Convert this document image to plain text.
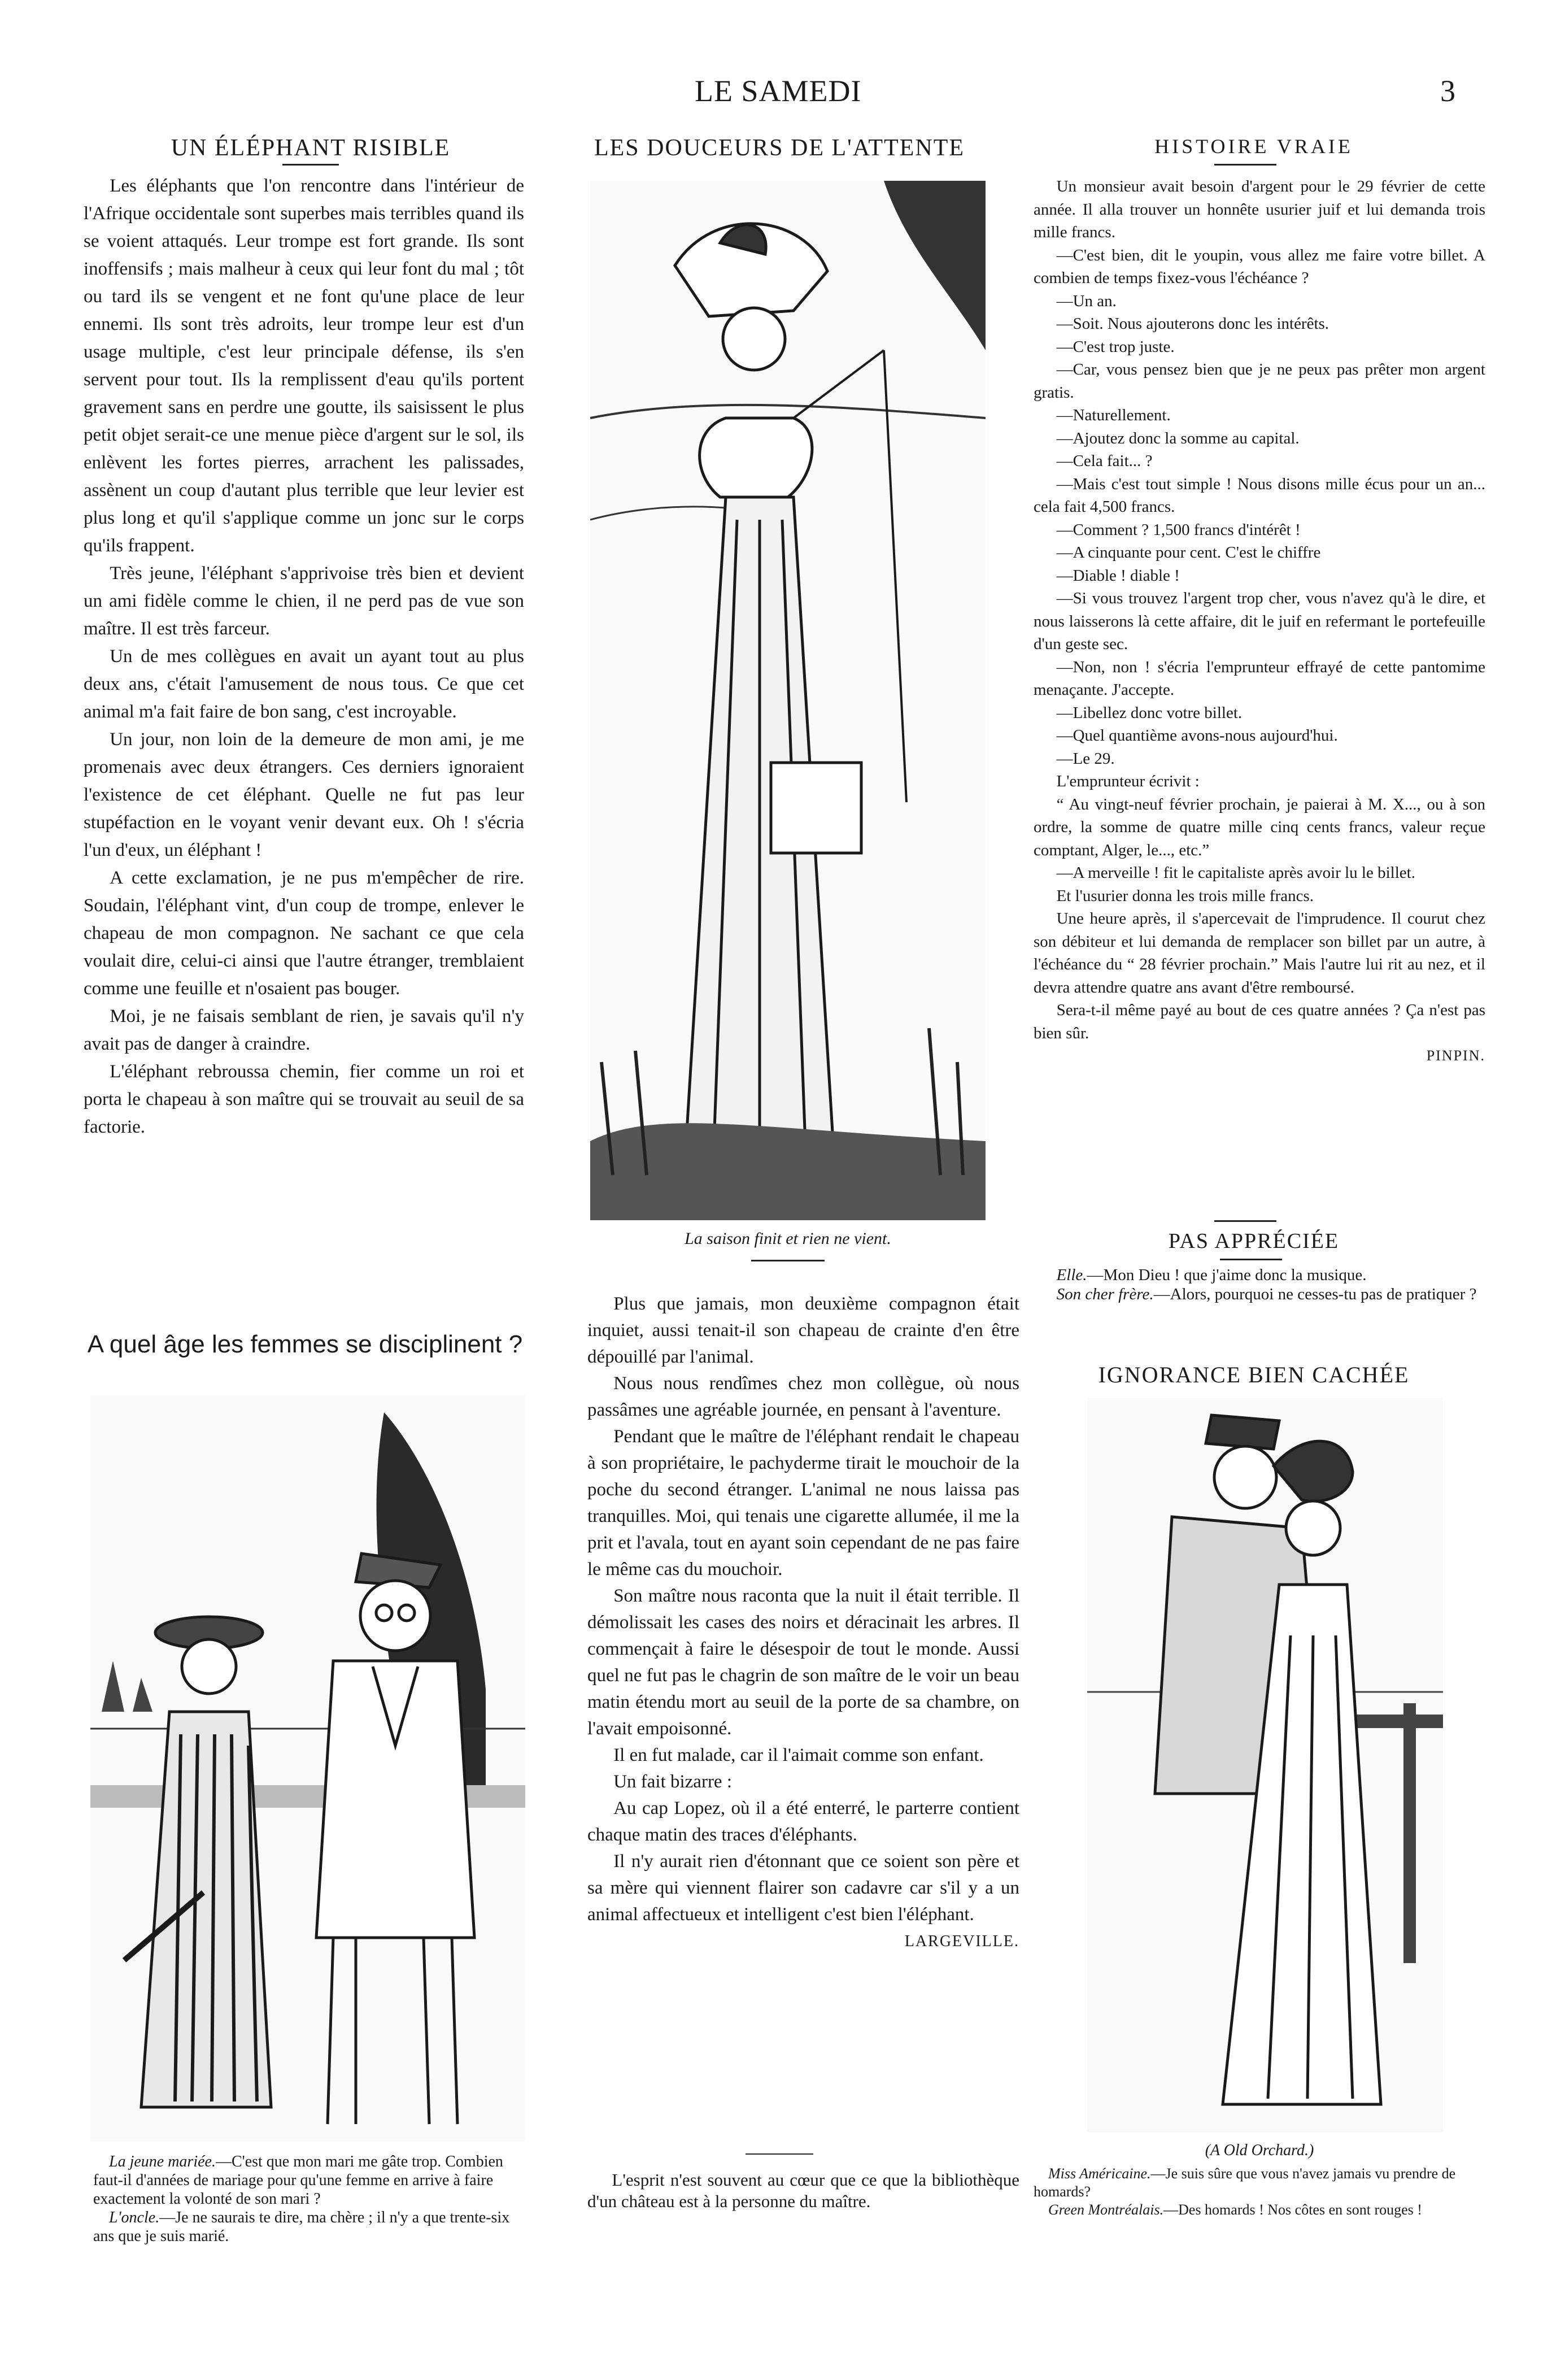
LE SAMEDI	3
UN ÉLÉPHANT RISIBLE

Les éléphants que l'on rencontre dans l'intérieur de l'Afrique occidentale sont superbes mais terribles quand ils se voient attaqués. Leur trompe est fort grande. Ils sont inoffensifs ; mais malheur à ceux qui leur font du mal ; tôt ou tard ils se vengent et ne font qu'une place de leur ennemi. Ils sont très adroits, leur trompe leur est d'un usage multiple, c'est leur principale défense, ils s'en servent pour tout. Ils la remplissent d'eau qu'ils portent gravement sans en perdre une goutte, ils saisissent le plus petit objet serait-ce une menue pièce d'argent sur le sol, ils enlèvent les fortes pierres, arrachent les palissades, assènent un coup d'autant plus terrible que leur levier est plus long et qu'il s'applique comme un jonc sur le corps qu'ils frappent.

Très jeune, l'éléphant s'apprivoise très bien et devient un ami fidèle comme le chien, il ne perd pas de vue son maître. Il est très farceur.

Un de mes collègues en avait un ayant tout au plus deux ans, c'était l'amusement de nous tous. Ce que cet animal m'a fait faire de bon sang, c'est incroyable.

Un jour, non loin de la demeure de mon ami, je me promenais avec deux étrangers. Ces derniers ignoraient l'existence de cet éléphant. Quelle ne fut pas leur stupéfaction en le voyant venir devant eux. Oh ! s'écria l'un d'eux, un éléphant !

A cette exclamation, je ne pus m'empêcher de rire. Soudain, l'éléphant vint, d'un coup de trompe, enlever le chapeau de mon compagnon. Ne sachant ce que cela voulait dire, celui-ci ainsi que l'autre étranger, tremblaient comme une feuille et n'osaient pas bouger.

Moi, je ne faisais semblant de rien, je savais qu'il n'y avait pas de danger à craindre.

L'éléphant rebroussa chemin, fier comme un roi et porta le chapeau à son maître qui se trouvait au seuil de sa factorie.

A quel âge les femmes se disciplinent ?
La jeune mariée.—C'est que mon mari me gâte trop. Combien faut-il d'années de mariage pour qu'une femme en arrive à faire exactement la volonté de son mari ?
L'oncle.—Je ne saurais te dire, ma chère ; il n'y a que trente-six ans que je suis marié.
LES DOUCEURS DE L'ATTENTE
La saison finit et rien ne vient.

Plus que jamais, mon deuxième compagnon était inquiet, aussi tenait-il son chapeau de crainte d'en être dépouillé par l'animal.

Nous nous rendîmes chez mon collègue, où nous passâmes une agréable journée, en pensant à l'aventure.

Pendant que le maître de l'éléphant rendait le chapeau à son propriétaire, le pachyderme tirait le mouchoir de la poche du second étranger. L'animal ne nous laissa pas tranquilles. Moi, qui tenais une cigarette allumée, il me la prit et l'avala, tout en ayant soin cependant de ne pas faire le même cas du mouchoir.

Son maître nous raconta que la nuit il était terrible. Il démolissait les cases des noirs et déracinait les arbres. Il commençait à faire le désespoir de tout le monde. Aussi quel ne fut pas le chagrin de son maître de le voir un beau matin étendu mort au seuil de la porte de sa chambre, on l'avait empoisonné.

Il en fut malade, car il l'aimait comme son enfant.

Un fait bizarre :

Au cap Lopez, où il a été enterré, le parterre contient chaque matin des traces d'éléphants.

Il n'y aurait rien d'étonnant que ce soient son père et sa mère qui viennent flairer son cadavre car s'il y a un animal affectueux et intelligent c'est bien l'éléphant.

LARGEVILLE.

L'esprit n'est souvent au cœur que ce que la bibliothèque d'un château est à la personne du maître.

HISTOIRE VRAIE

Un monsieur avait besoin d'argent pour le 29 février de cette année. Il alla trouver un honnête usurier juif et lui demanda trois mille francs.

—C'est bien, dit le youpin, vous allez me faire votre billet. A combien de temps fixez-vous l'échéance ?

—Un an.

—Soit. Nous ajouterons donc les intérêts.

—C'est trop juste.

—Car, vous pensez bien que je ne peux pas prêter mon argent gratis.

—Naturellement.

—Ajoutez donc la somme au capital.

—Cela fait... ?

—Mais c'est tout simple ! Nous disons mille écus pour un an... cela fait 4,500 francs.

—Comment ? 1,500 francs d'intérêt !

—A cinquante pour cent. C'est le chiffre

—Diable ! diable !

—Si vous trouvez l'argent trop cher, vous n'avez qu'à le dire, et nous laisserons là cette affaire, dit le juif en refermant le portefeuille d'un geste sec.

—Non, non ! s'écria l'emprunteur effrayé de cette pantomime menaçante. J'accepte.

—Libellez donc votre billet.

—Quel quantième avons-nous aujourd'hui.

—Le 29.

L'emprunteur écrivit :

“ Au vingt-neuf février prochain, je paierai à M. X..., ou à son ordre, la somme de quatre mille cinq cents francs, valeur reçue comptant, Alger, le..., etc.”

—A merveille ! fit le capitaliste après avoir lu le billet.

Et l'usurier donna les trois mille francs.

Une heure après, il s'apercevait de l'imprudence. Il courut chez son débiteur et lui demanda de remplacer son billet par un autre, à l'échéance du “ 28 février prochain.” Mais l'autre lui rit au nez, et il devra attendre quatre ans avant d'être remboursé.

Sera-t-il même payé au bout de ces quatre années ? Ça n'est pas bien sûr.

PINPIN.

PAS APPRÉCIÉE

Elle.—Mon Dieu ! que j'aime donc la musique.

Son cher frère.—Alors, pourquoi ne cesses-tu pas de pratiquer ?

IGNORANCE BIEN CACHÉE
(A Old Orchard.)
Miss Américaine.—Je suis sûre que vous n'avez jamais vu prendre de homards?
Green Montréalais.—Des homards ! Nos côtes en sont rouges !
